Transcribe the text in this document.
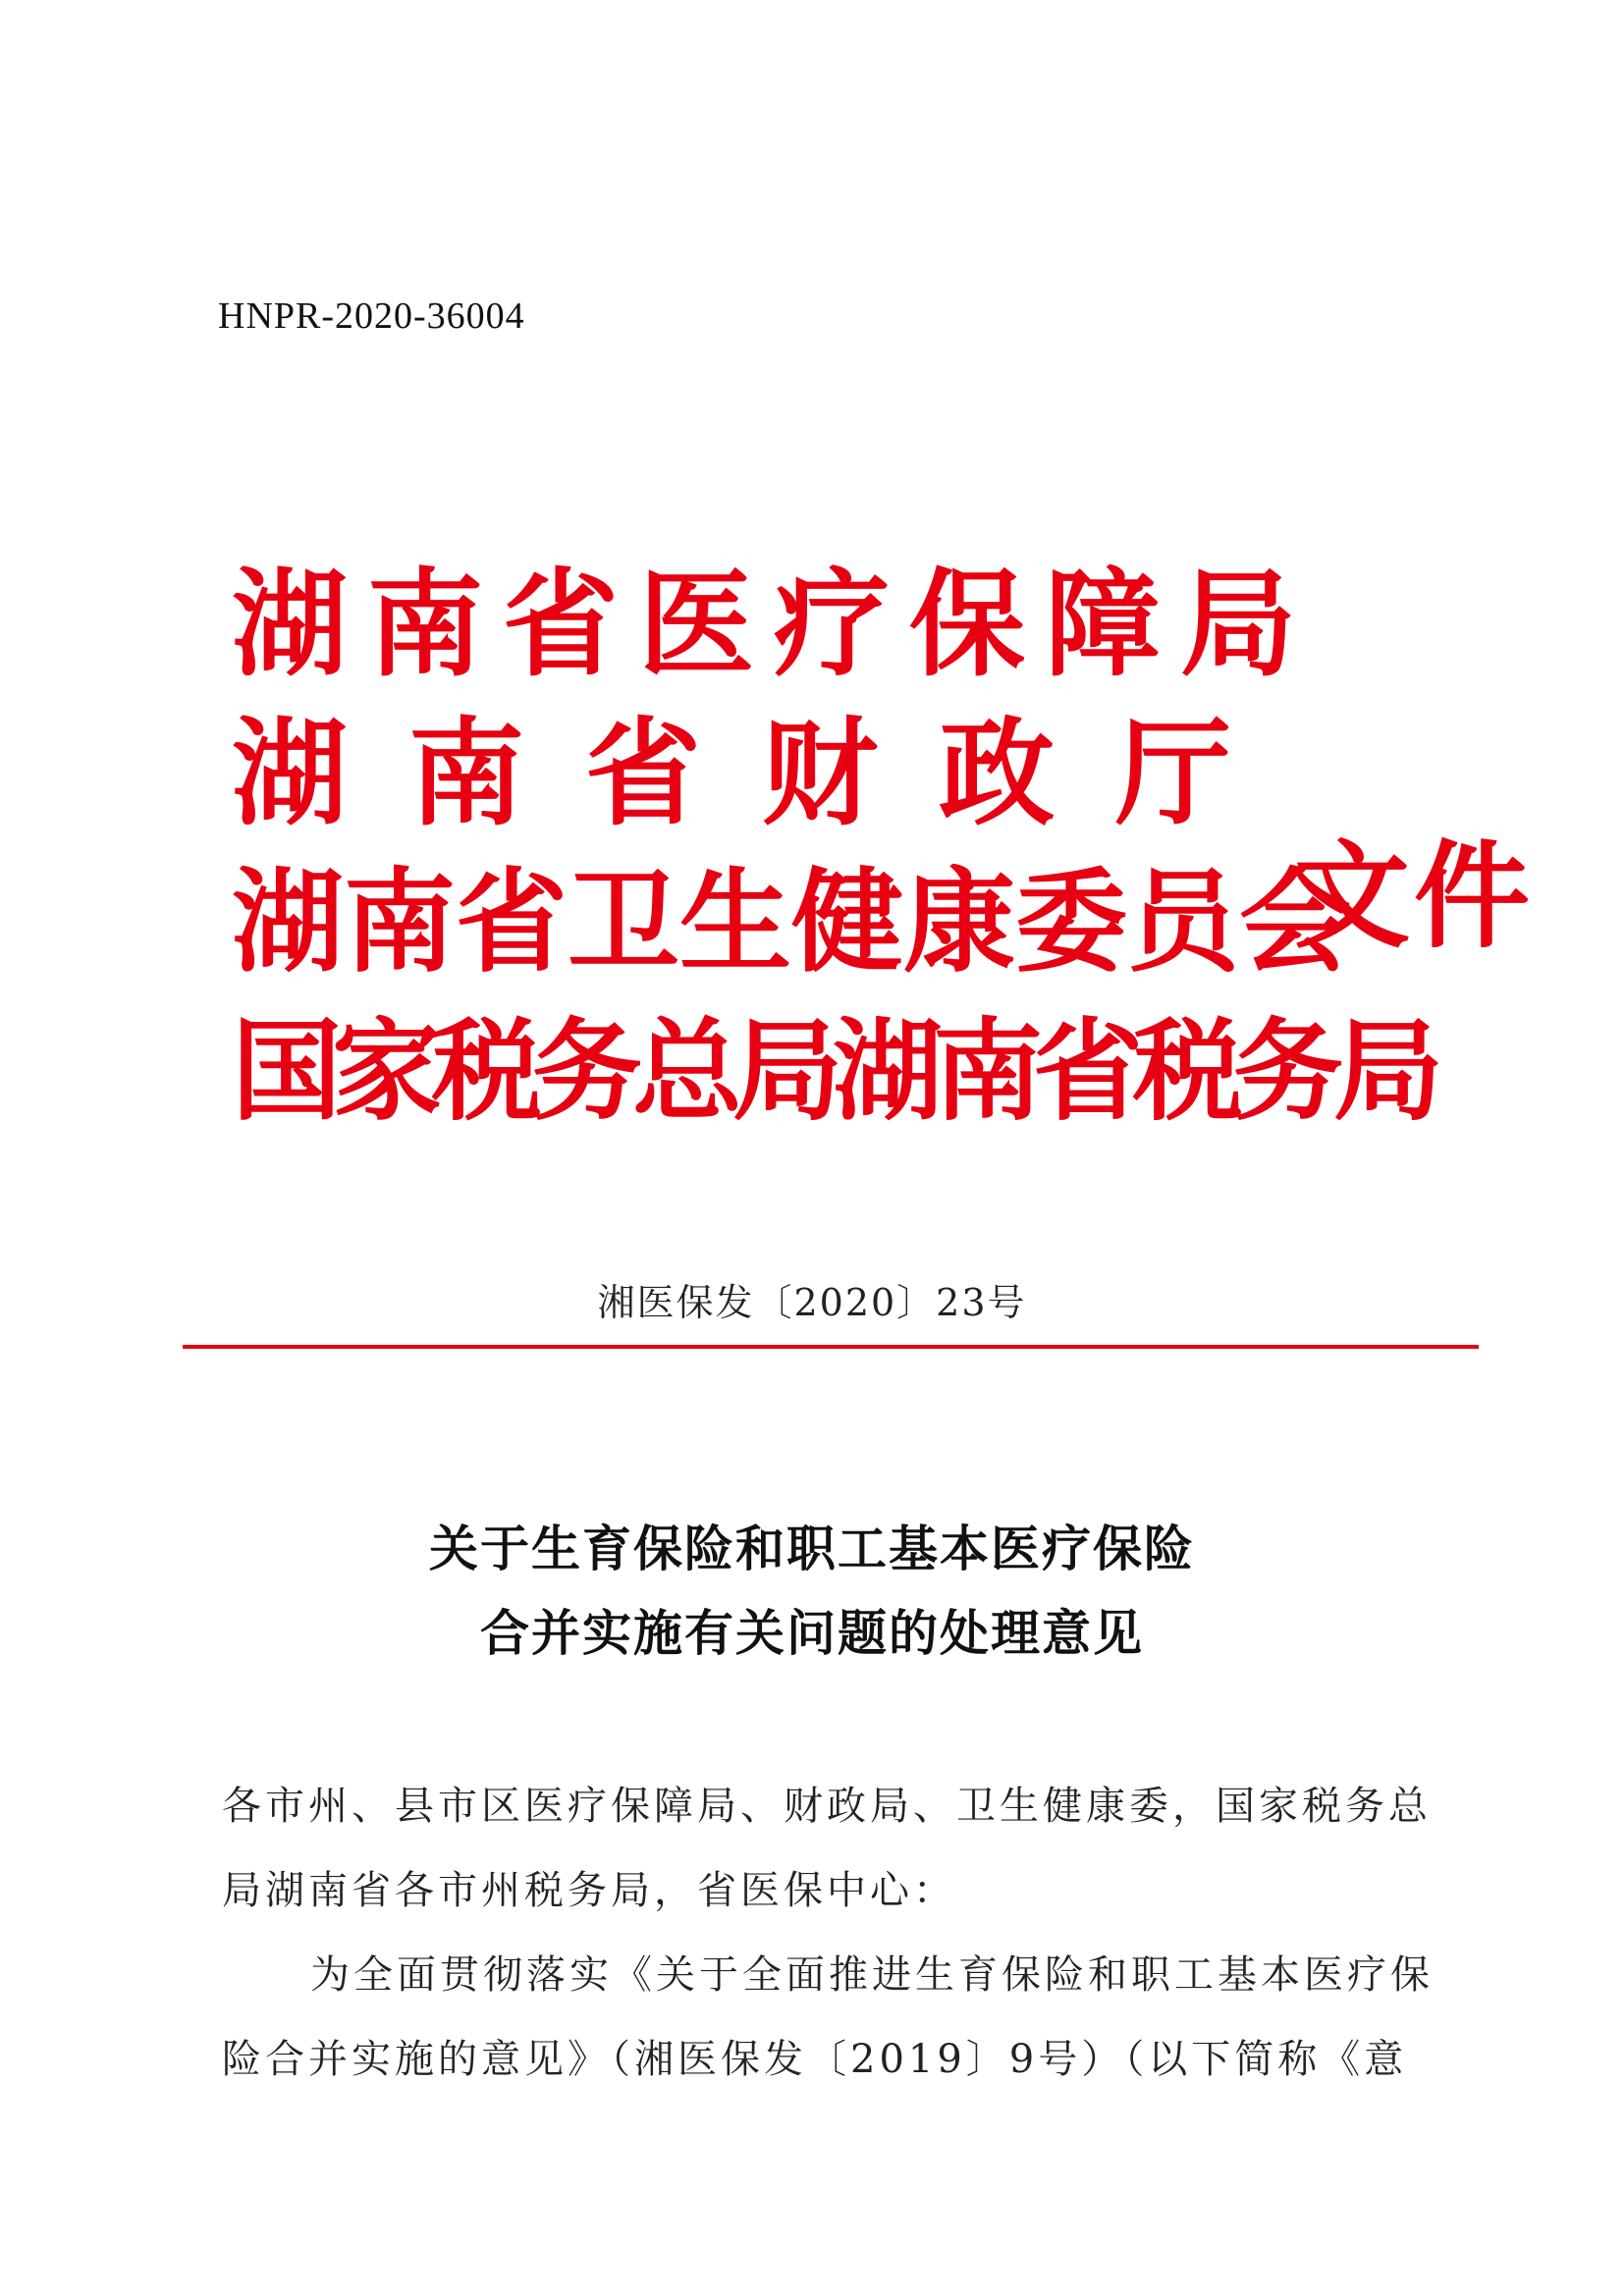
HNPR-2020-36004
湖南省医疗保障局
湖南省财政厅
湖南省卫生健康委员会
国家税务总局湖南省税务局
文件
湘医保发〔2020〕23号
关于生育保险和职工基本医疗保险
合并实施有关问题的处理意见
各市州、县市区医疗保障局、财政局、卫生健康委，国家税务总
局湖南省各市州税务局，省医保中心：
为全面贯彻落实《关于全面推进生育保险和职工基本医疗保
险合并实施的意见》（湘医保发〔2019〕9号）（以下简称《意
